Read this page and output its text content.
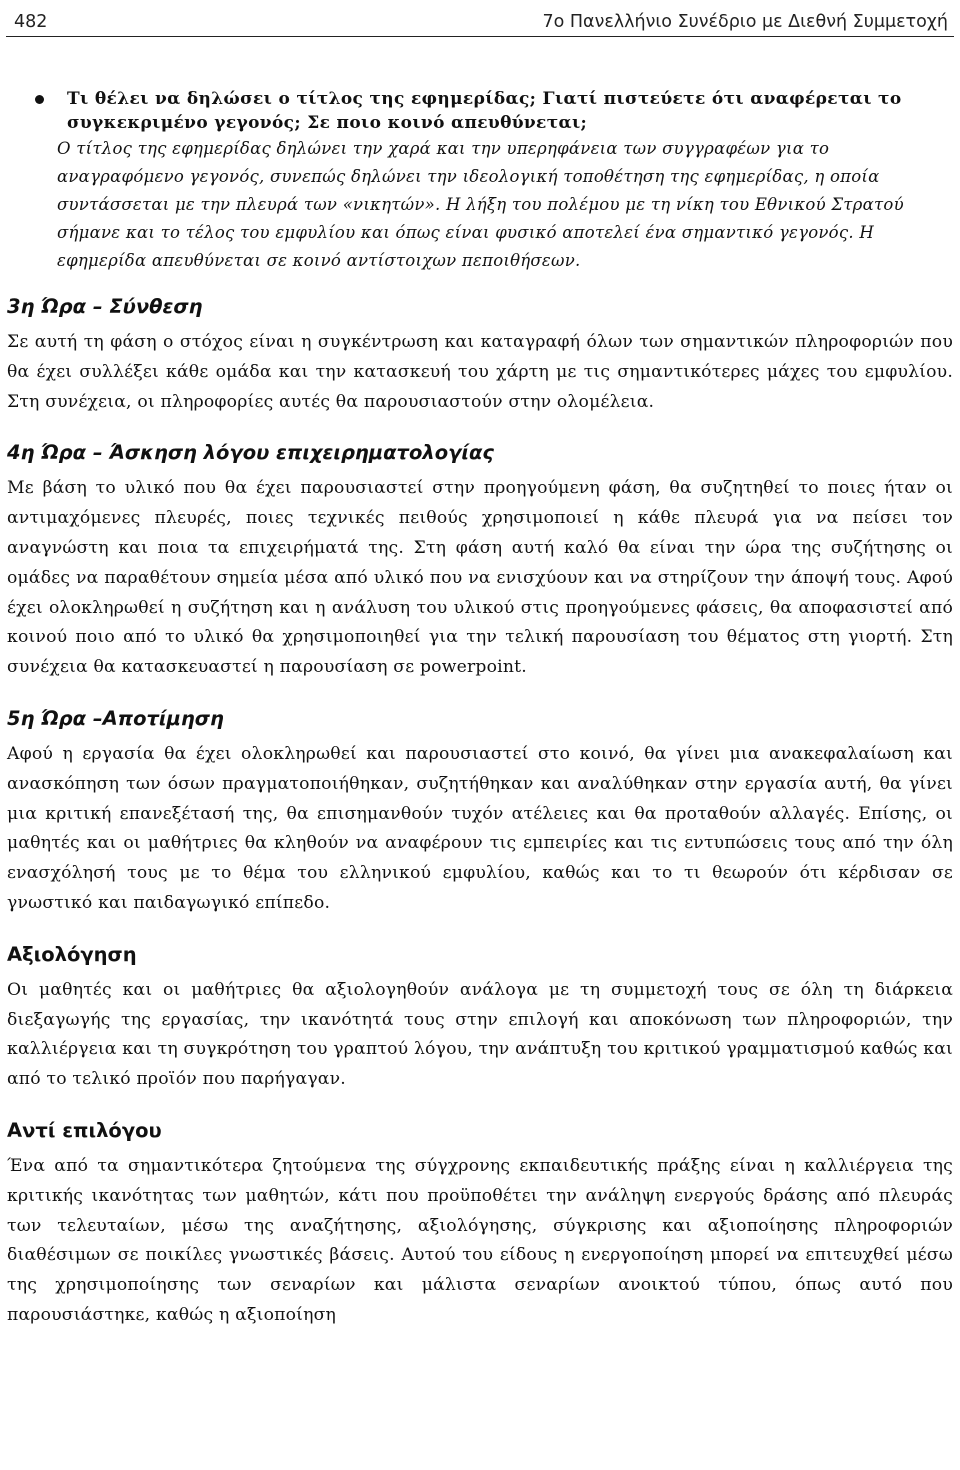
482	7ο Πανελλήνιο Συνέδριο με Διεθνή Συμμετοχή
Τι θέλει να δηλώσει ο τίτλος της εφημερίδας; Γιατί πιστεύετε ότι αναφέρεται το συγκεκριμένο γεγονός; Σε ποιο κοινό απευθύνεται;
Ο τίτλος της εφημερίδας δηλώνει την χαρά και την υπερηφάνεια των συγγραφέων για το αναγραφόμενο γεγονός, συνεπώς δηλώνει την ιδεολογική τοποθέτηση της εφημερίδας, η οποία συντάσσεται με την πλευρά των «νικητών». Η λήξη του πολέμου με τη νίκη του Εθνικού Στρατού σήμανε και το τέλος του εμφυλίου και όπως είναι φυσικό αποτελεί ένα σημαντικό γεγονός. Η εφημερίδα απευθύνεται σε κοινό αντίστοιχων πεποιθήσεων.
3η Ώρα – Σύνθεση

Σε αυτή τη φάση ο στόχος είναι η συγκέντρωση και καταγραφή όλων των σημαντικών πληροφοριών που θα έχει συλλέξει κάθε ομάδα και την κατασκευή του χάρτη με τις σημαντικότερες μάχες του εμφυλίου. Στη συνέχεια, οι πληροφορίες αυτές θα παρουσιαστούν στην ολομέλεια.

4η Ώρα – Άσκηση λόγου επιχειρηματολογίας

Με βάση το υλικό που θα έχει παρουσιαστεί στην προηγούμενη φάση, θα συζητηθεί το ποιες ήταν οι αντιμαχόμενες πλευρές, ποιες τεχνικές πειθούς χρησιμοποιεί η κάθε πλευρά για να πείσει τον αναγνώστη και ποια τα επιχειρήματά της. Στη φάση αυτή καλό θα είναι την ώρα της συζήτησης οι ομάδες να παραθέτουν σημεία μέσα από υλικό που να ενισχύουν και να στηρίζουν την άποψή τους. Αφού έχει ολοκληρωθεί η συζήτηση και η ανάλυση του υλικού στις προηγούμενες φάσεις, θα αποφασιστεί από κοινού ποιο από το υλικό θα χρησιμοποιηθεί για την τελική παρουσίαση του θέματος στη γιορτή. Στη συνέχεια θα κατασκευαστεί η παρουσίαση σε powerpoint.

5η Ώρα –Αποτίμηση

Αφού η εργασία θα έχει ολοκληρωθεί και παρουσιαστεί στο κοινό, θα γίνει μια ανακεφαλαίωση και ανασκόπηση των όσων πραγματοποιήθηκαν, συζητήθηκαν και αναλύθηκαν στην εργασία αυτή, θα γίνει μια κριτική επανεξέτασή της, θα επισημανθούν τυχόν ατέλειες και θα προταθούν αλλαγές. Επίσης, οι μαθητές και οι μαθήτριες θα κληθούν να αναφέρουν τις εμπειρίες και τις εντυπώσεις τους από την όλη ενασχόλησή τους με το θέμα του ελληνικού εμφυλίου, καθώς και το τι θεωρούν ότι κέρδισαν σε γνωστικό και παιδαγωγικό επίπεδο.

Αξιολόγηση

Οι μαθητές και οι μαθήτριες θα αξιολογηθούν ανάλογα με τη συμμετοχή τους σε όλη τη διάρκεια διεξαγωγής της εργασίας, την ικανότητά τους στην επιλογή και αποκόνωση των πληροφοριών, την καλλιέργεια και τη συγκρότηση του γραπτού λόγου, την ανάπτυξη του κριτικού γραμματισμού καθώς και από το τελικό προϊόν που παρήγαγαν.

Αντί επιλόγου

Ένα από τα σημαντικότερα ζητούμενα της σύγχρονης εκπαιδευτικής πράξης είναι η καλλιέργεια της κριτικής ικανότητας των μαθητών, κάτι που προϋποθέτει την ανάληψη ενεργούς δράσης από πλευράς των τελευταίων, μέσω της αναζήτησης, αξιολόγησης, σύγκρισης και αξιοποίησης πληροφοριών διαθέσιμων σε ποικίλες γνωστικές βάσεις. Αυτού του είδους η ενεργοποίηση μπορεί να επιτευχθεί μέσω της χρησιμοποίησης των σεναρίων και μάλιστα σεναρίων ανοικτού τύπου, όπως αυτό που παρουσιάστηκε, καθώς η αξιοποίηση
